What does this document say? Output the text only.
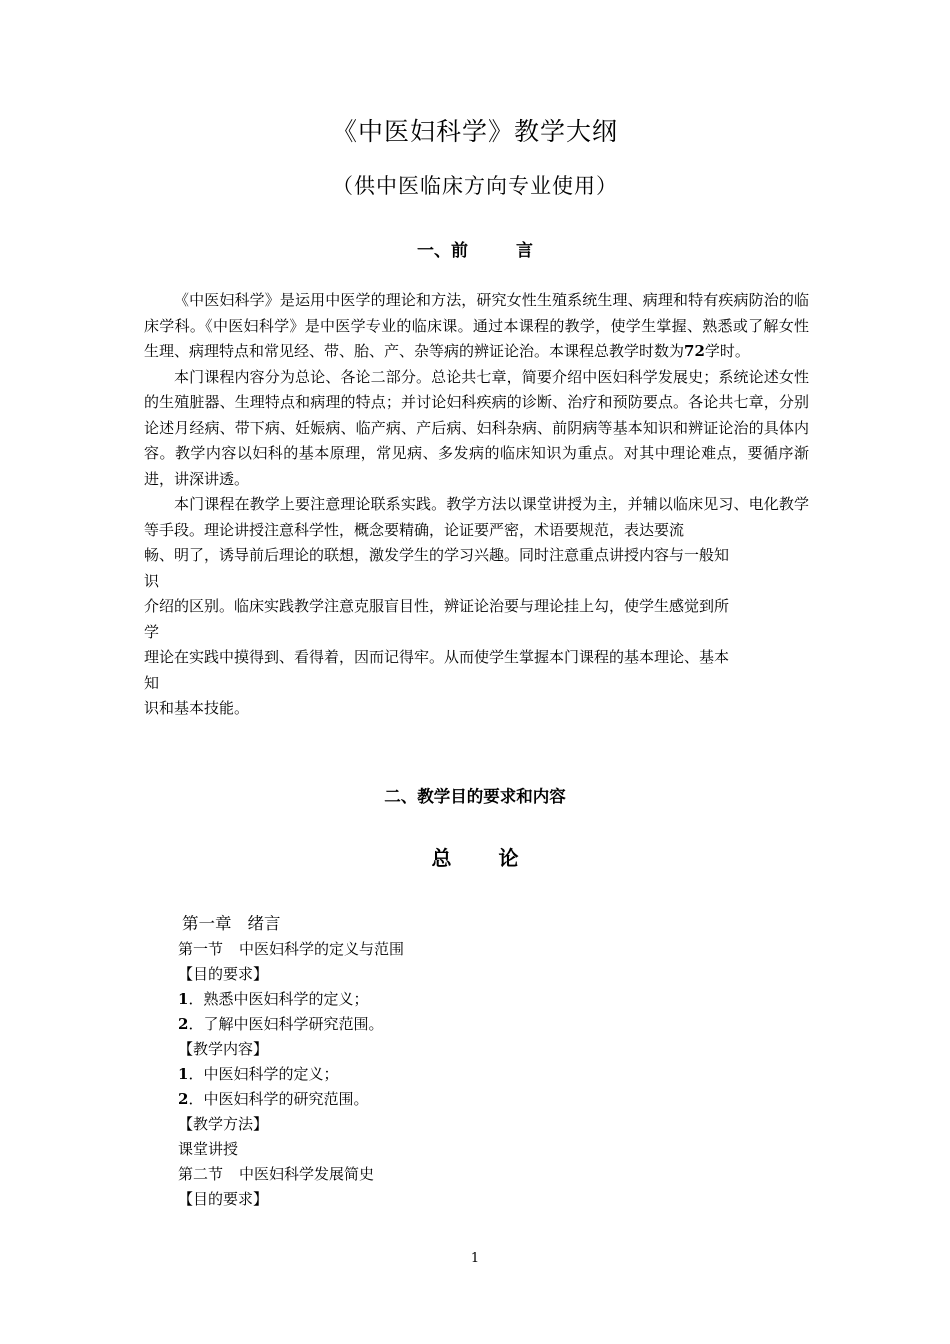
《中医妇科学》教学大纲
（供中医临床方向专业使用）
一、前 言

《中医妇科学》是运用中医学的理论和方法，研究女性生殖系统生理、病理和特有疾病防治的临床学科。《中医妇科学》是中医学专业的临床课。通过本课程的教学，使学生掌握、熟悉或了解女性生理、病理特点和常见经、带、胎、产、杂等病的辨证论治。本课程总教学时数为72学时。

本门课程内容分为总论、各论二部分。总论共七章，简要介绍中医妇科学发展史；系统论述女性的生殖脏器、生理特点和病理的特点；并讨论妇科疾病的诊断、治疗和预防要点。各论共七章，分别论述月经病、带下病、妊娠病、临产病、产后病、妇科杂病、前阴病等基本知识和辨证论治的具体内容。教学内容以妇科的基本原理，常见病、多发病的临床知识为重点。对其中理论难点，要循序渐进，讲深讲透。

本门课程在教学上要注意理论联系实践。教学方法以课堂讲授为主，并辅以临床见习、电化教学等手段。理论讲授注意科学性，概念要精确，论证要严密，术语要规范，表达要流

畅、明了，诱导前后理论的联想，激发学生的学习兴趣。同时注意重点讲授内容与一般知
识
介绍的区别。临床实践教学注意克服盲目性，辨证论治要与理论挂上勾，使学生感觉到所
学
理论在实践中摸得到、看得着，因而记得牢。从而使学生掌握本门课程的基本理论、基本
知
识和基本技能。
二、教学目的要求和内容
总 论
第一章 绪言
第一节 中医妇科学的定义与范围
【目的要求】
1．熟悉中医妇科学的定义；
2．了解中医妇科学研究范围。
【教学内容】
1．中医妇科学的定义；
2．中医妇科学的研究范围。
【教学方法】
课堂讲授
第二节 中医妇科学发展简史
【目的要求】
1
